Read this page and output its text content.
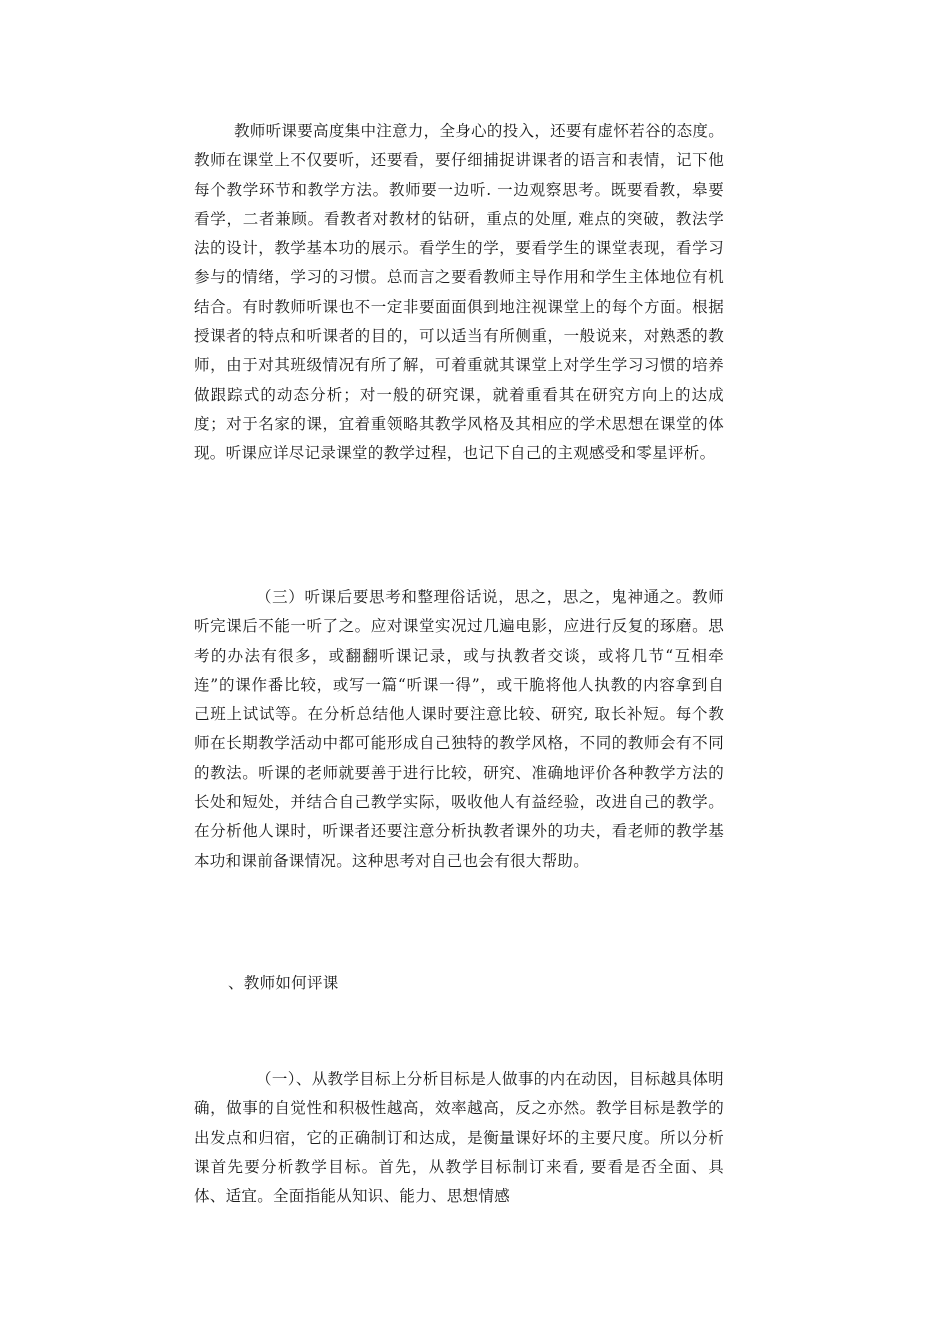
教师听课要高度集中注意力，全身心的投入，还要有虚怀若谷的态度。教师在课堂上不仅要听，还要看，要仔细捕捉讲课者的语言和表情，记下他每个教学环节和教学方法。教师要一边听. 一边观察思考。既要看教，皋要看学，二者兼顾。看教者对教材的钻研，重点的处厘, 难点的突破，教法学法的设计，教学基本功的展示。看学生的学，要看学生的课堂表现，看学习参与的情绪，学习的习惯。总而言之要看教师主导作用和学生主体地位有机结合。有时教师听课也不一定非要面面俱到地注视课堂上的每个方面。根据授课者的特点和听课者的目的，可以适当有所侧重，一般说来，对熟悉的教师，由于对其班级情况有所了解，可着重就其课堂上对学生学习习惯的培养做跟踪式的动态分析；对一般的研究课，就着重看其在研究方向上的达成度；对于名家的课，宜着重领略其教学风格及其相应的学术思想在课堂的体现。听课应详尽记录课堂的教学过程，也记下自己的主观感受和零星评析。

（三）听课后要思考和整理俗话说，思之，思之，鬼神通之。教师听完课后不能一听了之。应对课堂实况过几遍电影，应进行反复的琢磨。思考的办法有很多，或翻翻听课记录，或与执教者交谈，或将几节“互相牵连”的课作番比较，或写一篇“听课一得”，或干脆将他人执教的内容拿到自己班上试试等。在分析总结他人课时要注意比较、研究, 取长补短。每个教师在长期教学活动中都可能形成自己独特的教学风格，不同的教师会有不同的教法。听课的老师就要善于进行比较，研究、准确地评价各种教学方法的长处和短处，并结合自己教学实际，吸收他人有益经验，改进自己的教学。在分析他人课时，听课者还要注意分析执教者课外的功夫，看老师的教学基本功和课前备课情况。这种思考对自己也会有很大帮助。

、教师如何评课

（一）、从教学目标上分析目标是人做事的内在动因，目标越具体明确，做事的自觉性和积极性越高，效率越高，反之亦然。教学目标是教学的出发点和归宿，它的正确制订和达成，是衡量课好坏的主要尺度。所以分析课首先要分析教学目标。首先，从教学目标制订来看, 要看是否全面、具体、适宜。全面指能从知识、能力、思想情感
